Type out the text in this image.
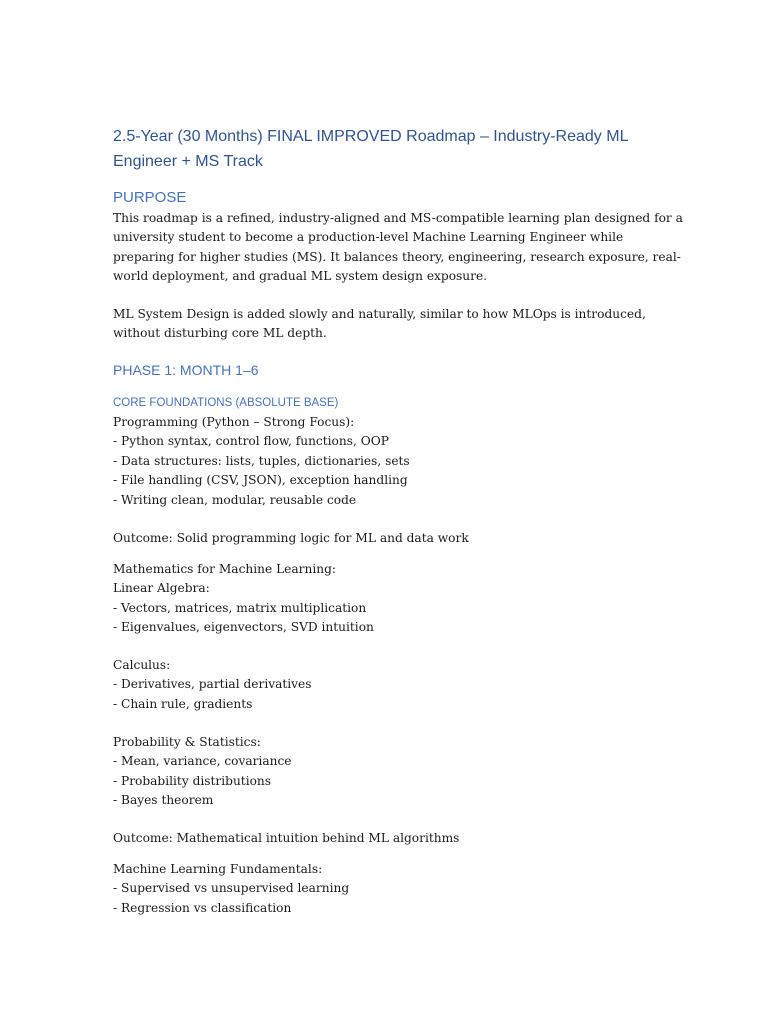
2.5-Year (30 Months) FINAL IMPROVED Roadmap – Industry-Ready ML Engineer + MS Track
PURPOSE
This roadmap is a refined, industry-aligned and MS-compatible learning plan designed for a
university student to become a production-level Machine Learning Engineer while
preparing for higher studies (MS). It balances theory, engineering, research exposure, real-
world deployment, and gradual ML system design exposure.
ML System Design is added slowly and naturally, similar to how MLOps is introduced,
without disturbing core ML depth.
PHASE 1: MONTH 1–6
CORE FOUNDATIONS (ABSOLUTE BASE)
Programming (Python – Strong Focus):
- Python syntax, control flow, functions, OOP
- Data structures: lists, tuples, dictionaries, sets
- File handling (CSV, JSON), exception handling
- Writing clean, modular, reusable code
Outcome: Solid programming logic for ML and data work
Mathematics for Machine Learning:
Linear Algebra:
- Vectors, matrices, matrix multiplication
- Eigenvalues, eigenvectors, SVD intuition
Calculus:
- Derivatives, partial derivatives
- Chain rule, gradients
Probability & Statistics:
- Mean, variance, covariance
- Probability distributions
- Bayes theorem
Outcome: Mathematical intuition behind ML algorithms
Machine Learning Fundamentals:
- Supervised vs unsupervised learning
- Regression vs classification
